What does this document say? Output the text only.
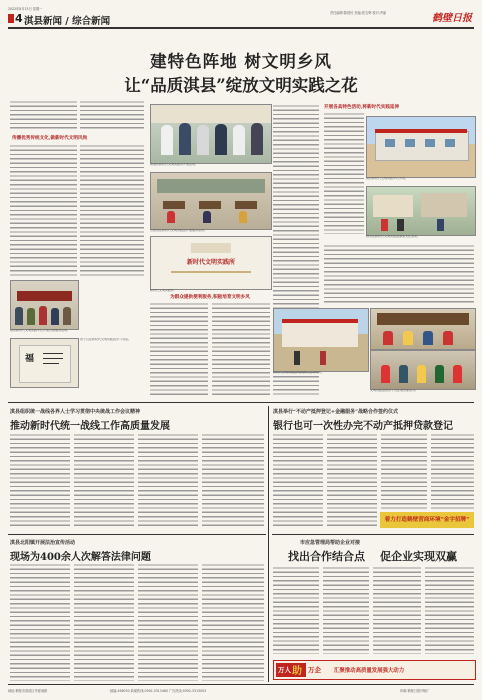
2022年8月15日 星期一
4 淇县新闻 / 综合新闻
责任编辑:陈国民 美编:张宝辉 校对:齐丽	鹤壁日报
建特色阵地 树文明乡风
让“品质淇县”绽放文明实践之花
传播优秀传统文化,做新时代文明风尚
淇县新时代文明实践中心开展志愿服务活动。
福
孩子们在新时代文明实践站学习书法。
黄洞乡新时代文明实践所开展活动。
志愿者在新时代文明实践站开展服务活动。
新时代文明实践所
新时代文明实践所
为群众提供便利服务,积极培育文明乡风
开展各具特色活动,将新时代实践延伸
淇县新时代文明实践中心外景。
群众在新时代文明实践站参加文化活动。
新时代文明实践站内的群众活动场所。
文明实践站的孩子们在阅览室读书。
淇县组织统一战线各界人士学习贯彻中央统战工作会议精神
推动新时代统一战线工作高质量发展
淇县北阳镇开展法治宣传活动
现场为400余人次解答法律问题
淇县举行“不动产抵押登记+金融服务”战略合作签约仪式
银行也可一次性办完不动产抵押贷款登记
着力打造鹤壁营商环境“金字招牌”
市应急管理局帮助企业对接
找出合作结合点 促企业实现双赢
万人 助 万企 汇聚推动高质量发展强大动力
地址:鹤壁市淇滨区华夏南路	邮编:458030 新闻热线:0392-3313460 广告热线:0392-3313003	印刷:鹤壁日报印刷厂
